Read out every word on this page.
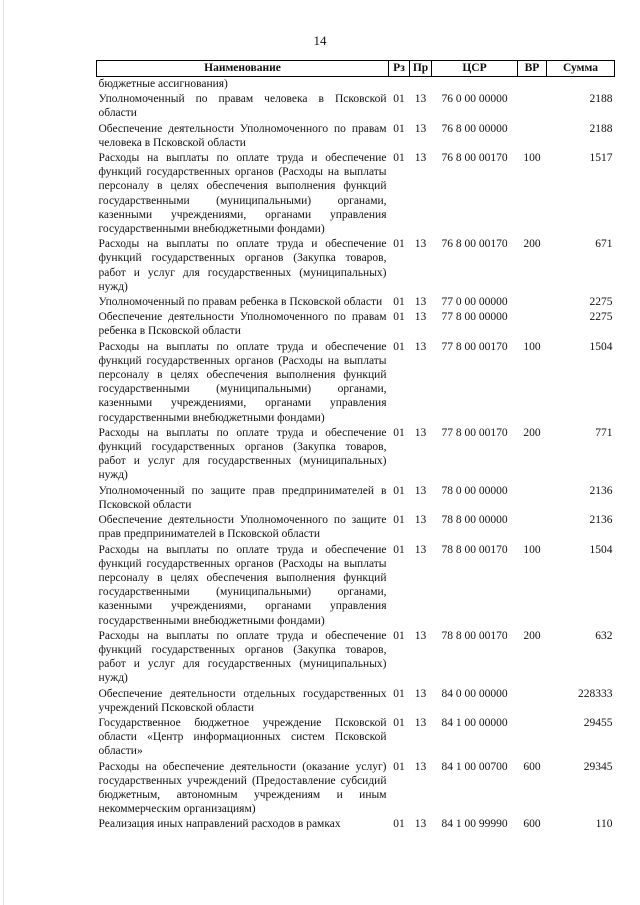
14
Наименование	Рз	Пр	ЦСР	ВР	Сумма
бюджетные ассигнования)					
Уполномоченный по правам человека в Псковской области	01	13	76 0 00 00000		2188
Обеспечение деятельности Уполномоченного по правам человека в Псковской области	01	13	76 8 00 00000		2188
Расходы на выплаты по оплате труда и обеспечение функций государственных органов (Расходы на выплаты персоналу в целях обеспечения выполнения функций государственными (муниципальными) органами, казенными учреждениями, органами управления государственными внебюджетными фондами)	01	13	76 8 00 00170	100	1517
Расходы на выплаты по оплате труда и обеспечение функций государственных органов (Закупка товаров, работ и услуг для государственных (муниципальных) нужд)	01	13	76 8 00 00170	200	671
Уполномоченный по правам ребенка в Псковской области	01	13	77 0 00 00000		2275
Обеспечение деятельности Уполномоченного по правам ребенка в Псковской области	01	13	77 8 00 00000		2275
Расходы на выплаты по оплате труда и обеспечение функций государственных органов (Расходы на выплаты персоналу в целях обеспечения выполнения функций государственными (муниципальными) органами, казенными учреждениями, органами управления государственными внебюджетными фондами)	01	13	77 8 00 00170	100	1504
Расходы на выплаты по оплате труда и обеспечение функций государственных органов (Закупка товаров, работ и услуг для государственных (муниципальных) нужд)	01	13	77 8 00 00170	200	771
Уполномоченный по защите прав предпринимателей в Псковской области	01	13	78 0 00 00000		2136
Обеспечение деятельности Уполномоченного по защите прав предпринимателей в Псковской области	01	13	78 8 00 00000		2136
Расходы на выплаты по оплате труда и обеспечение функций государственных органов (Расходы на выплаты персоналу в целях обеспечения выполнения функций государственными (муниципальными) органами, казенными учреждениями, органами управления государственными внебюджетными фондами)	01	13	78 8 00 00170	100	1504
Расходы на выплаты по оплате труда и обеспечение функций государственных органов (Закупка товаров, работ и услуг для государственных (муниципальных) нужд)	01	13	78 8 00 00170	200	632
Обеспечение деятельности отдельных государственных учреждений Псковской области	01	13	84 0 00 00000		228333
Государственное бюджетное учреждение Псковской области «Центр информационных систем Псковской области»	01	13	84 1 00 00000		29455
Расходы на обеспечение деятельности (оказание услуг) государственных учреждений (Предоставление субсидий бюджетным, автономным учреждениям и иным некоммерческим организациям)	01	13	84 1 00 00700	600	29345
Реализация иных направлений расходов в рамках	01	13	84 1 00 99990	600	110
